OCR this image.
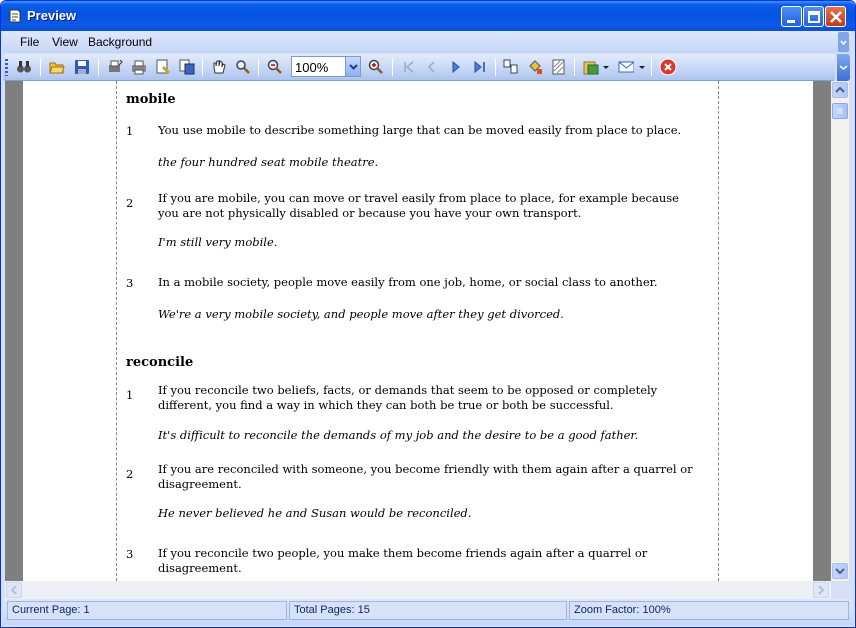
Preview
File View Background
100%
mobile
1 You use mobile to describe something large that can be moved easily from place to place.
the four hundred seat mobile theatre.
2 If you are mobile, you can move or travel easily from place to place, for example because you are not physically disabled or because you have your own transport.
I'm still very mobile.
3 In a mobile society, people move easily from one job, home, or social class to another.
We're a very mobile society, and people move after they get divorced.
reconcile
1 If you reconcile two beliefs, facts, or demands that seem to be opposed or completely different, you find a way in which they can both be true or both be successful.
It's difficult to reconcile the demands of my job and the desire to be a good father.
2 If you are reconciled with someone, you become friendly with them again after a quarrel or disagreement.
He never believed he and Susan would be reconciled.
3 If you reconcile two people, you make them become friends again after a quarrel or disagreement.
Current Page: 1	Total Pages: 15	Zoom Factor: 100%
